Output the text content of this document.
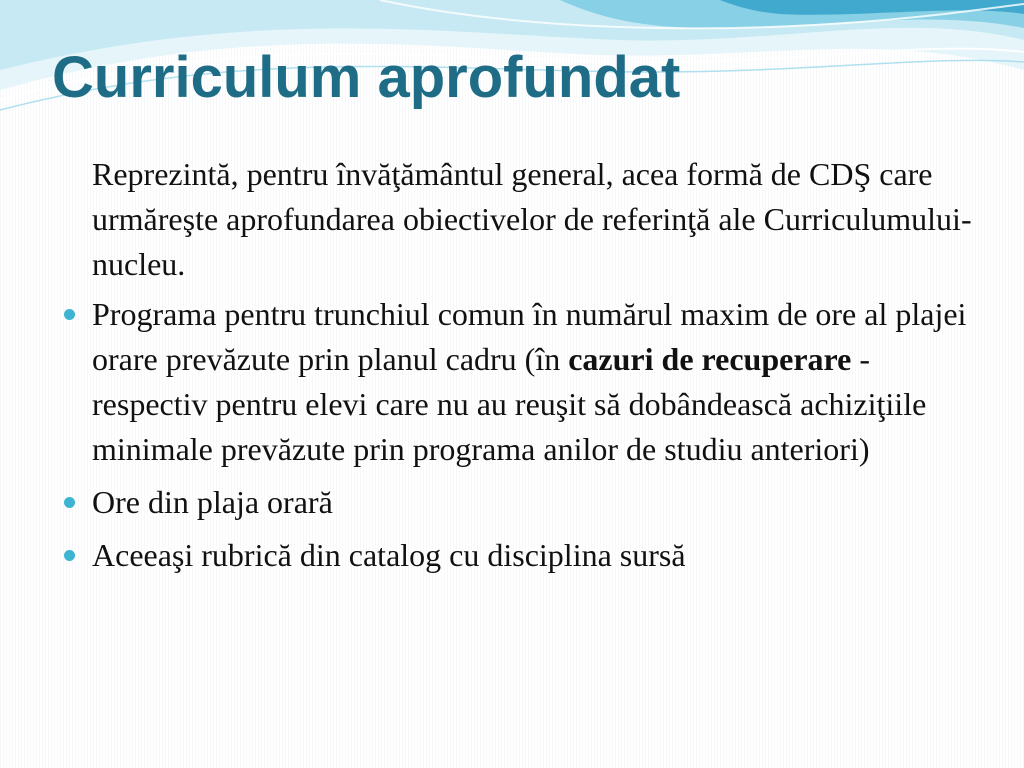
Curriculum aprofundat

Reprezintă, pentru învăţământul general, acea formă de CDŞ care urmăreşte aprofundarea obiectivelor de referinţă ale Curriculumului-nucleu.

Programa pentru trunchiul comun în numărul maxim de ore al plajei orare prevăzute prin planul cadru (în cazuri de recuperare - respectiv pentru elevi care nu au reuşit să dobândească achiziţiile minimale prevăzute prin programa anilor de studiu anteriori)
Ore din plaja orară
Aceeaşi rubrică din catalog cu disciplina sursă
